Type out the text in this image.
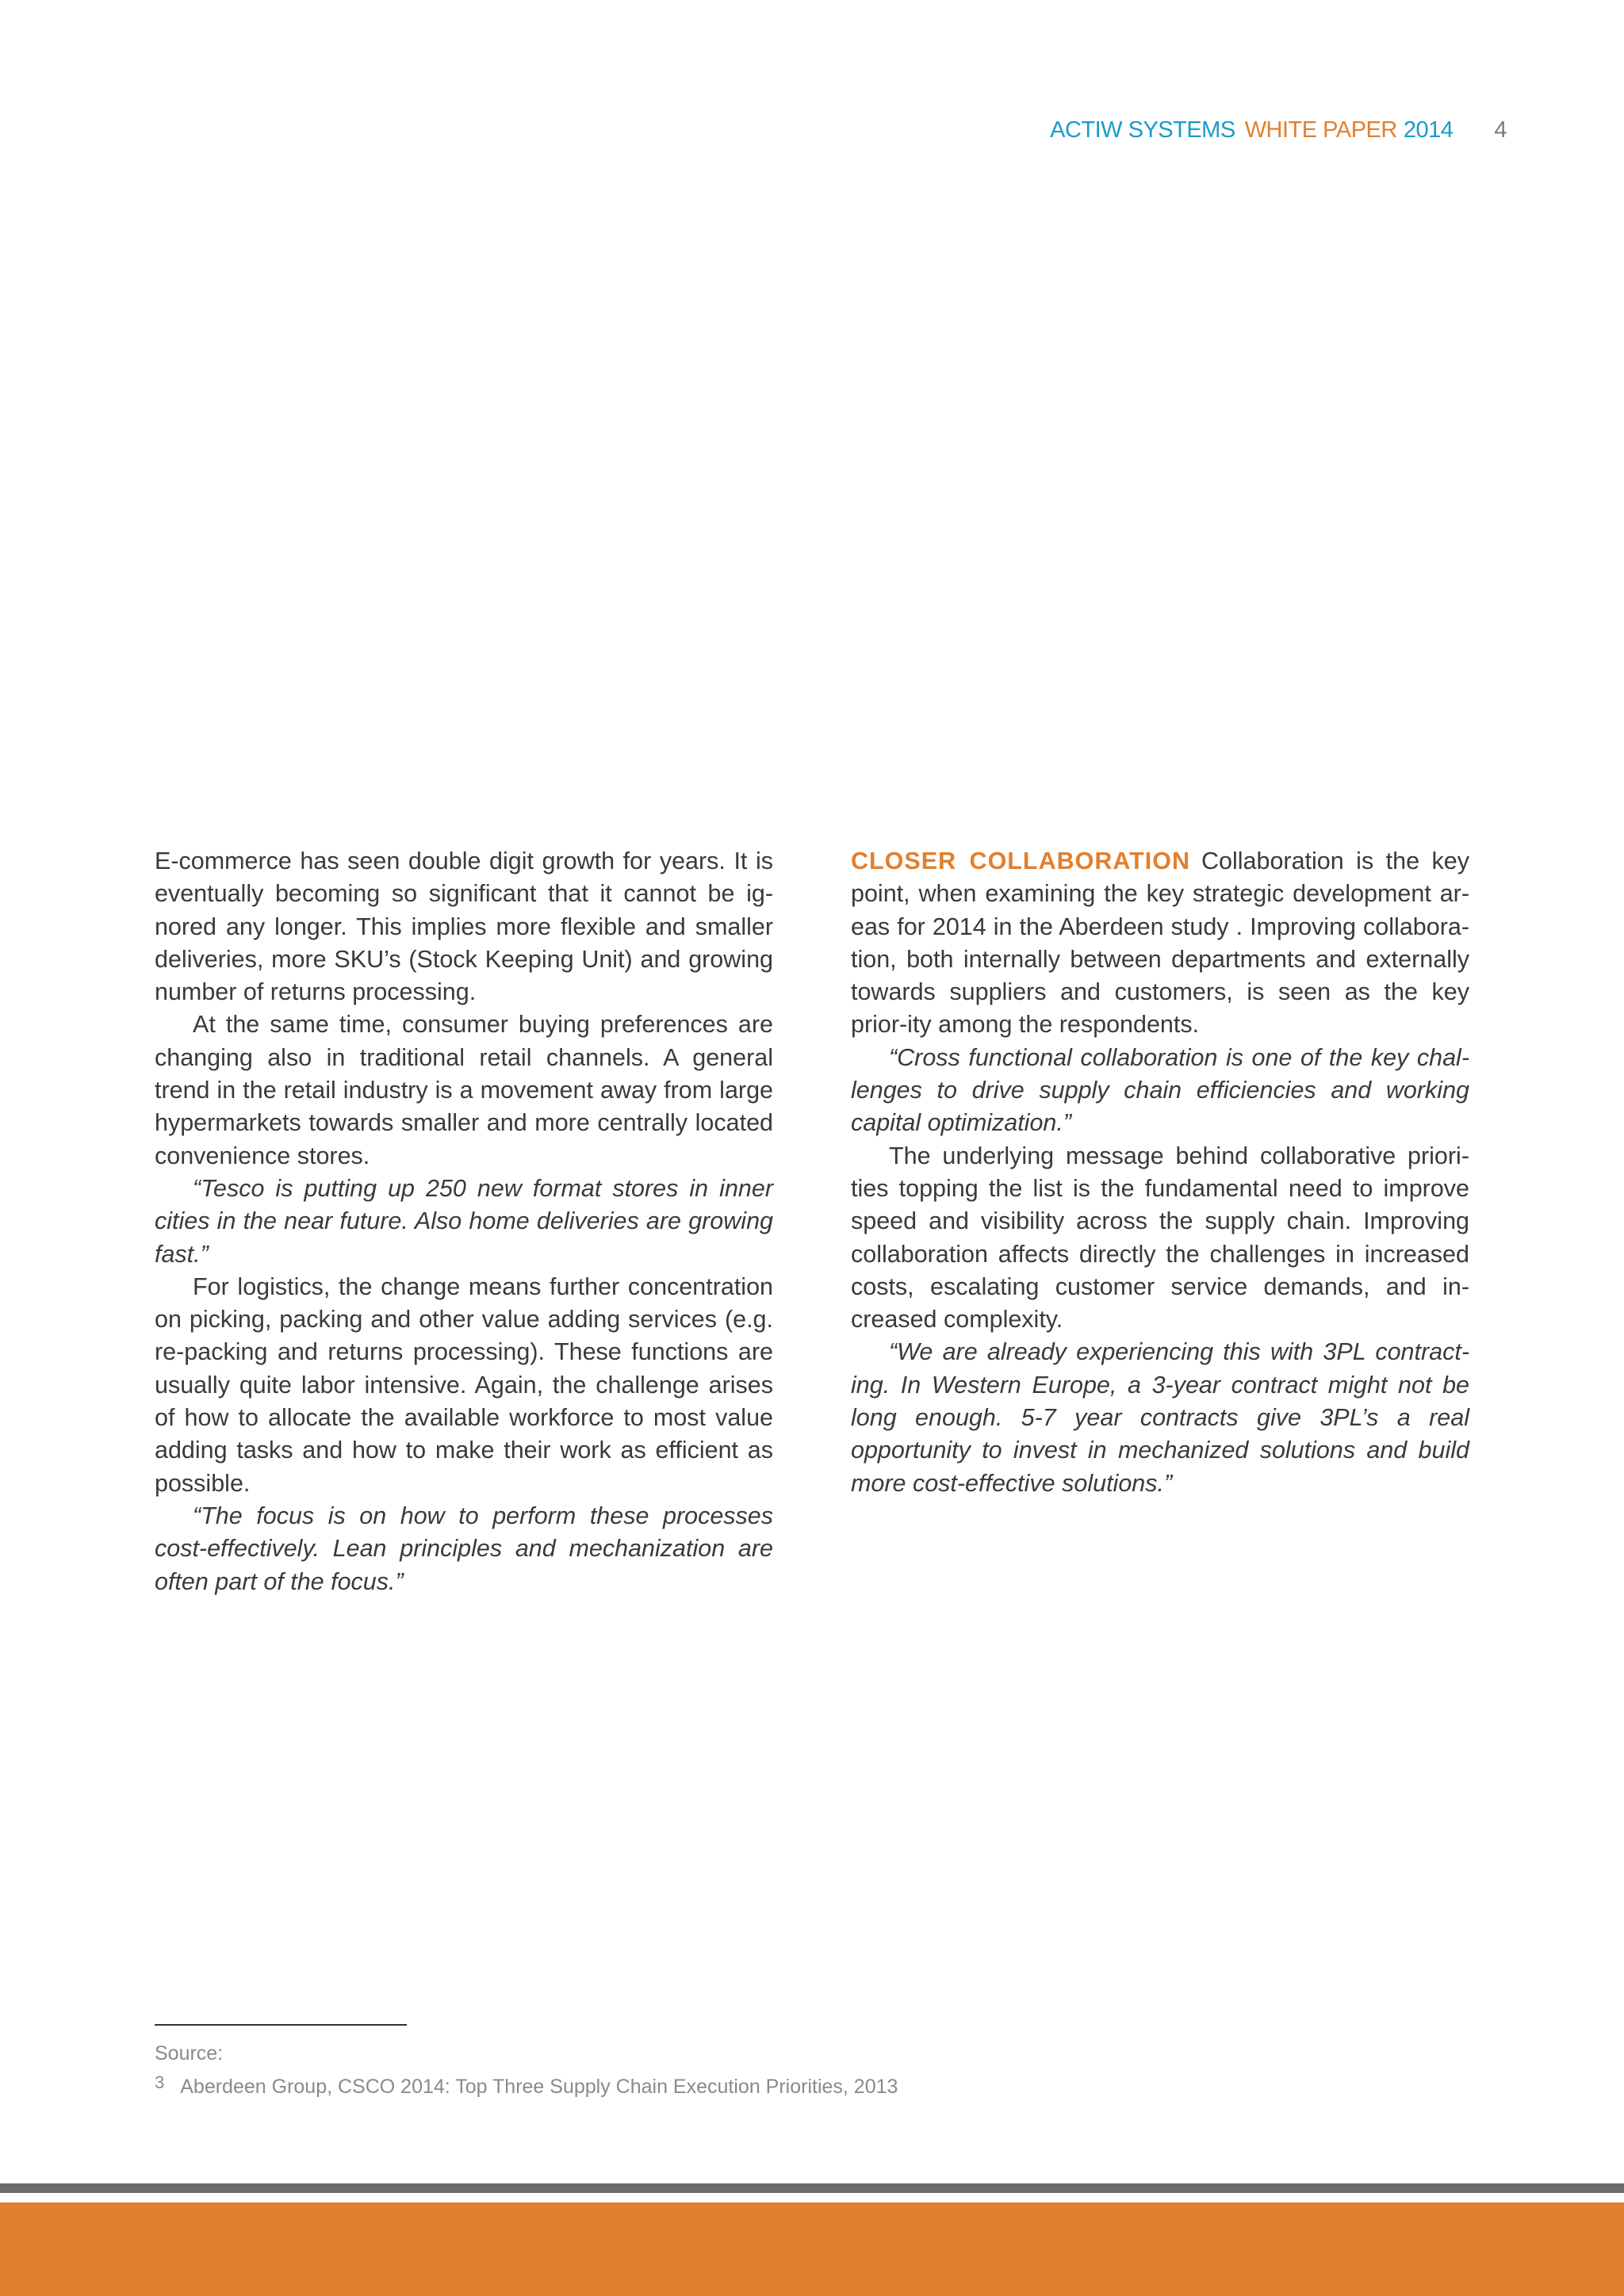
ACTIW SYSTEMS WHITE PAPER 2014 4

E-commerce has seen double digit growth for years. It is eventually becoming so significant that it cannot be ig-nored any longer. This implies more flexible and smaller deliveries, more SKU’s (Stock Keeping Unit) and growing number of returns processing.

At the same time, consumer buying preferences are changing also in traditional retail channels. A general trend in the retail industry is a movement away from large hypermarkets towards smaller and more centrally located convenience stores.

“Tesco is putting up 250 new format stores in inner cities in the near future. Also home deliveries are growing fast.”

For logistics, the change means further concentration on picking, packing and other value adding services (e.g. re-packing and returns processing). These functions are usually quite labor intensive. Again, the challenge arises of how to allocate the available workforce to most value adding tasks and how to make their work as efficient as possible.

“The focus is on how to perform these processes cost-effectively. Lean principles and mechanization are often part of the focus.”

CLOSER COLLABORATION Collaboration is the key point, when examining the key strategic development ar-eas for 2014 in the Aberdeen study . Improving collabora-tion, both internally between departments and externally towards suppliers and customers, is seen as the key prior-ity among the respondents.

“Cross functional collaboration is one of the key chal-lenges to drive supply chain efficiencies and working capital optimization.”

The underlying message behind collaborative priori-ties topping the list is the fundamental need to improve speed and visibility across the supply chain. Improving collaboration affects directly the challenges in increased costs, escalating customer service demands, and in-creased complexity.

“We are already experiencing this with 3PL contract-ing. In Western Europe, a 3-year contract might not be long enough. 5-7 year contracts give 3PL’s a real opportunity to invest in mechanized solutions and build more cost-effective solutions.”

Source:
3 Aberdeen Group, CSCO 2014: Top Three Supply Chain Execution Priorities, 2013
